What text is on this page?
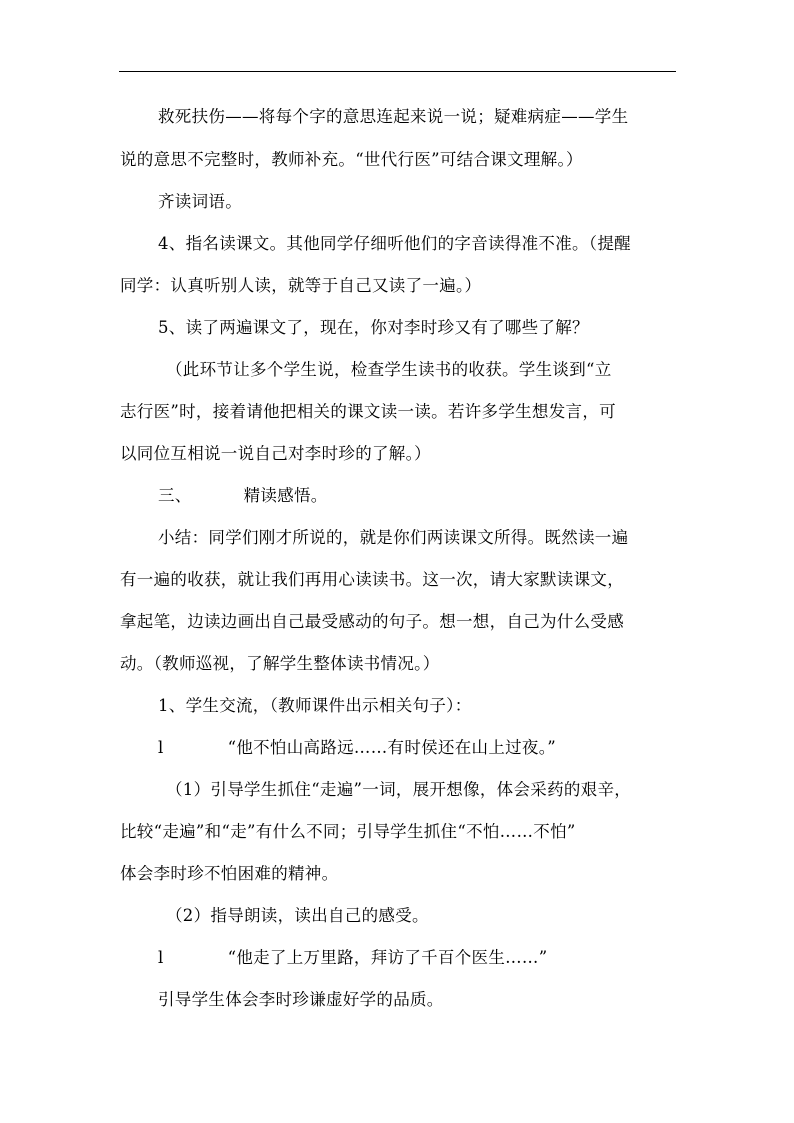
救死扶伤——将每个字的意思连起来说一说；疑难病症——学生
说的意思不完整时，教师补充。“世代行医”可结合课文理解。）
齐读词语。
4、指名读课文。其他同学仔细听他们的字音读得准不准。（提醒
同学：认真听别人读，就等于自己又读了一遍。）
5、读了两遍课文了，现在，你对李时珍又有了哪些了解？
（此环节让多个学生说，检查学生读书的收获。学生谈到“立
志行医”时，接着请他把相关的课文读一读。若许多学生想发言，可
以同位互相说一说自己对李时珍的了解。）
三、	精读感悟。
小结：同学们刚才所说的，就是你们两读课文所得。既然读一遍
有一遍的收获，就让我们再用心读读书。这一次，请大家默读课文，
拿起笔，边读边画出自己最受感动的句子。想一想，自己为什么受感
动。（教师巡视，了解学生整体读书情况。）
1、学生交流，（教师课件出示相关句子）：
l	“他不怕山高路远……有时侯还在山上过夜。”
（1）引导学生抓住“走遍”一词，展开想像，体会采药的艰辛，
比较“走遍”和“走”有什么不同；引导学生抓住“不怕……不怕”
体会李时珍不怕困难的精神。
（2）指导朗读，读出自己的感受。
l	“他走了上万里路，拜访了千百个医生……”
引导学生体会李时珍谦虚好学的品质。
